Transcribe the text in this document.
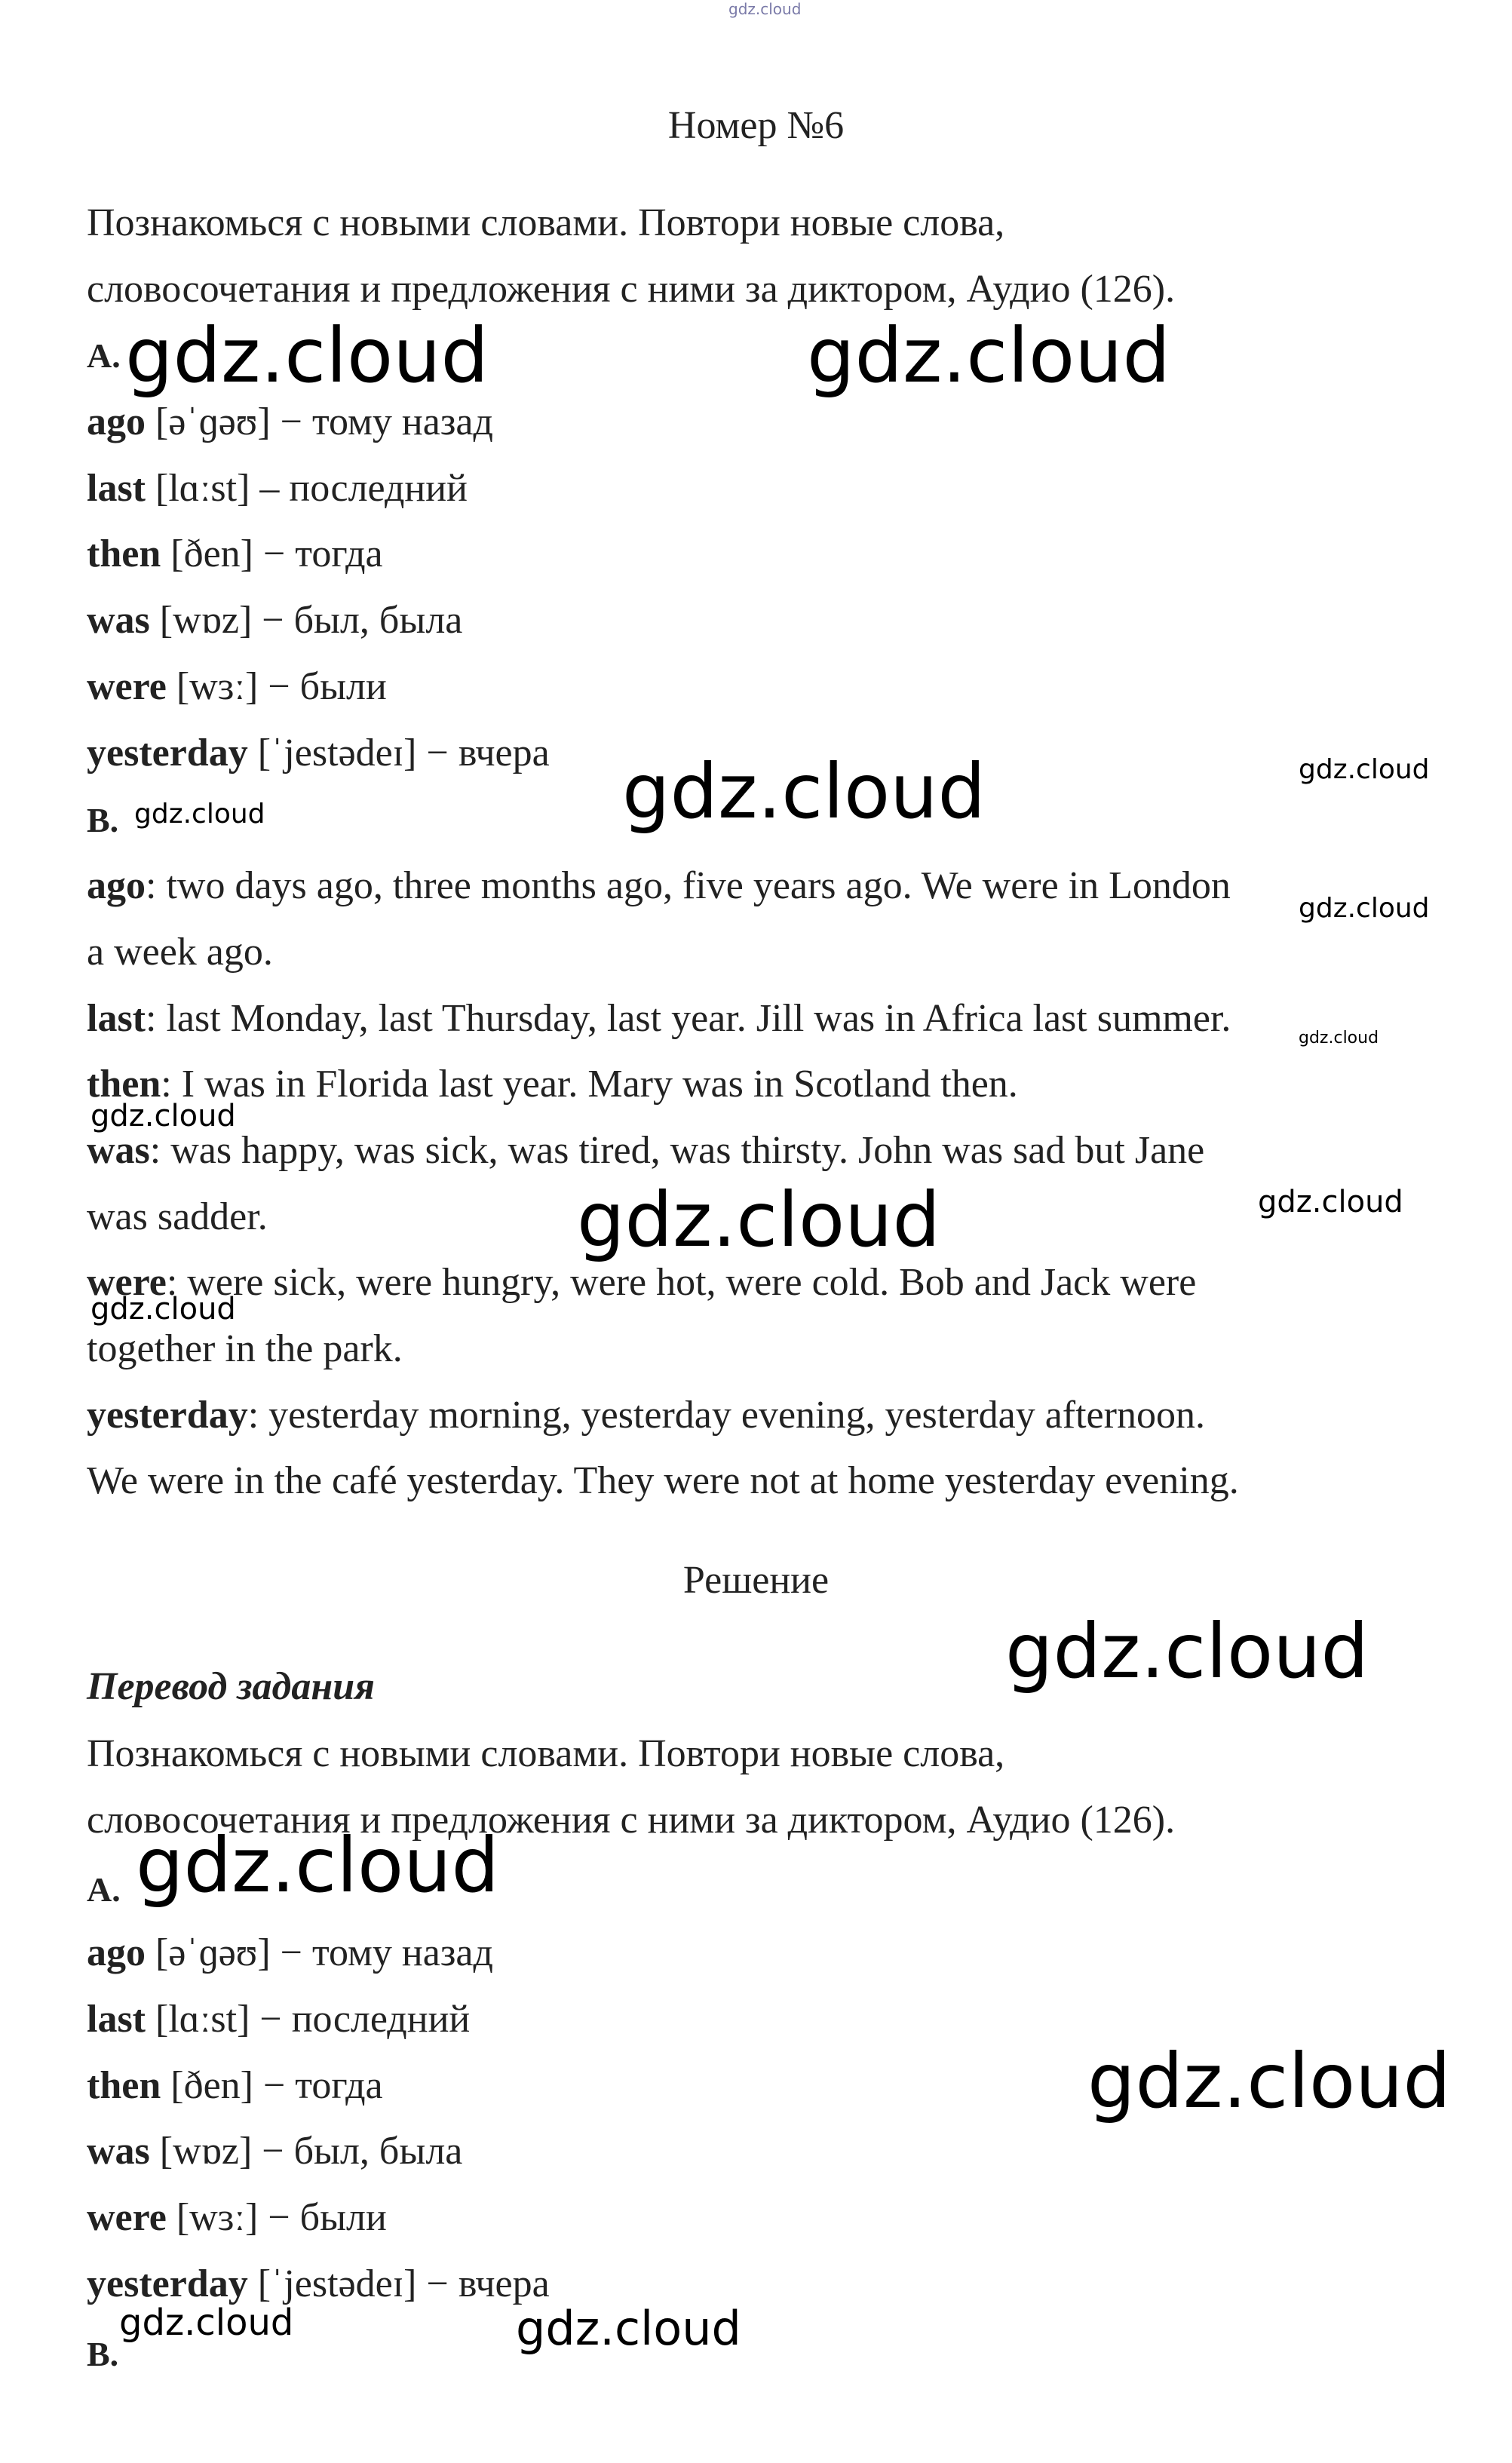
gdz.cloud
Номер №6
Познакомься с новыми словами. Повтори новые слова,
словосочетания и предложения с ними за диктором, Аудио (126).
A.
ago [əˈɡəʊ] − тому назад
last [lɑːst] – последний
then [ðen] − тогда
was [wɒz] − был, была
were [wɜː] − были
yesterday [ˈjestədeɪ] − вчера
B.
ago: two days ago, three months ago, five years ago. We were in London
a week ago.
last: last Monday, last Thursday, last year. Jill was in Africa last summer.
then: I was in Florida last year. Mary was in Scotland then.
was: was happy, was sick, was tired, was thirsty. John was sad but Jane
was sadder.
were: were sick, were hungry, were hot, were cold. Bob and Jack were
together in the park.
yesterday: yesterday morning, yesterday evening, yesterday afternoon.
We were in the café yesterday. They were not at home yesterday evening.
Решение
Перевод задания
Познакомься с новыми словами. Повтори новые слова,
словосочетания и предложения с ними за диктором, Аудио (126).
A.
ago [əˈɡəʊ] − тому назад
last [lɑːst] − последний
then [ðen] − тогда
was [wɒz] − был, была
were [wɜː] − были
yesterday [ˈjestədeɪ] − вчера
B.
gdz.cloud	gdz.cloud
gdz.cloud	gdz.cloud
gdz.cloud
gdz.cloud
gdz.cloud
gdz.cloud
gdz.cloud	gdz.cloud
gdz.cloud
gdz.cloud
gdz.cloud
gdz.cloud
gdz.cloud	gdz.cloud
